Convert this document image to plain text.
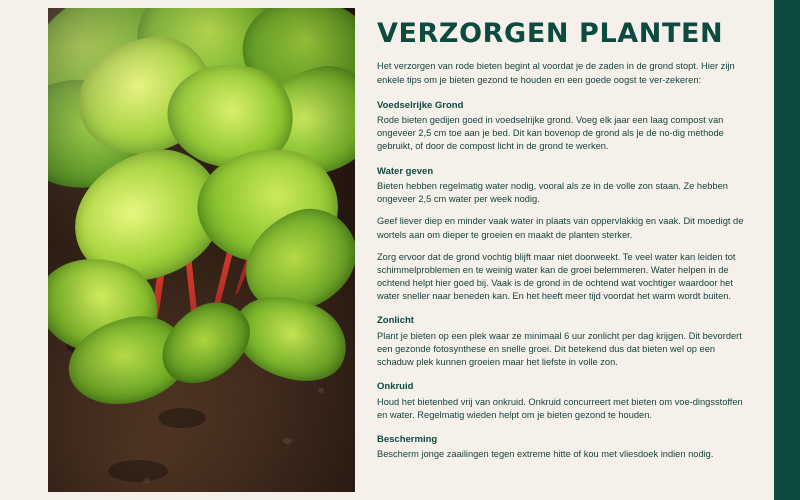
VERZORGEN PLANTEN

Het verzorgen van rode bieten begint al voordat je de zaden in de grond stopt. Hier zijn enkele tips om je bieten gezond te houden en een goede oogst te ver-zekeren:

Voedselrijke Grond

Rode bieten gedijen goed in voedselrijke grond. Voeg elk jaar een laag compost van ongeveer 2,5 cm toe aan je bed. Dit kan bovenop de grond als je de no-dig methode gebruikt, of door de compost licht in de grond te werken.

Water geven

Bieten hebben regelmatig water nodig, vooral als ze in de volle zon staan. Ze hebben ongeveer 2,5 cm water per week nodig.

Geef liever diep en minder vaak water in plaats van oppervlakkig en vaak. Dit moedigt de wortels aan om dieper te groeien en maakt de planten sterker.

Zorg ervoor dat de grond vochtig blijft maar niet doorweekt. Te veel water kan leiden tot schimmelproblemen en te weinig water kan de groei belemmeren. Water helpen in de ochtend helpt hier goed bij. Vaak is de grond in de ochtend wat vochtiger waardoor het water sneller naar beneden kan. En het heeft meer tijd voordat het warm wordt buiten.

Zonlicht

Plant je bieten op een plek waar ze minimaal 6 uur zonlicht per dag krijgen. Dit bevordert een gezonde fotosynthese en snelle groei. Dit betekend dus dat bieten wel op een schaduw plek kunnen groeien maar het liefste in volle zon.

Onkruid

Houd het bietenbed vrij van onkruid. Onkruid concurreert met bieten om voe-dingsstoffen en water. Regelmatig wieden helpt om je bieten gezond te houden.

Bescherming

Bescherm jonge zaailingen tegen extreme hitte of kou met vliesdoek indien nodig.
